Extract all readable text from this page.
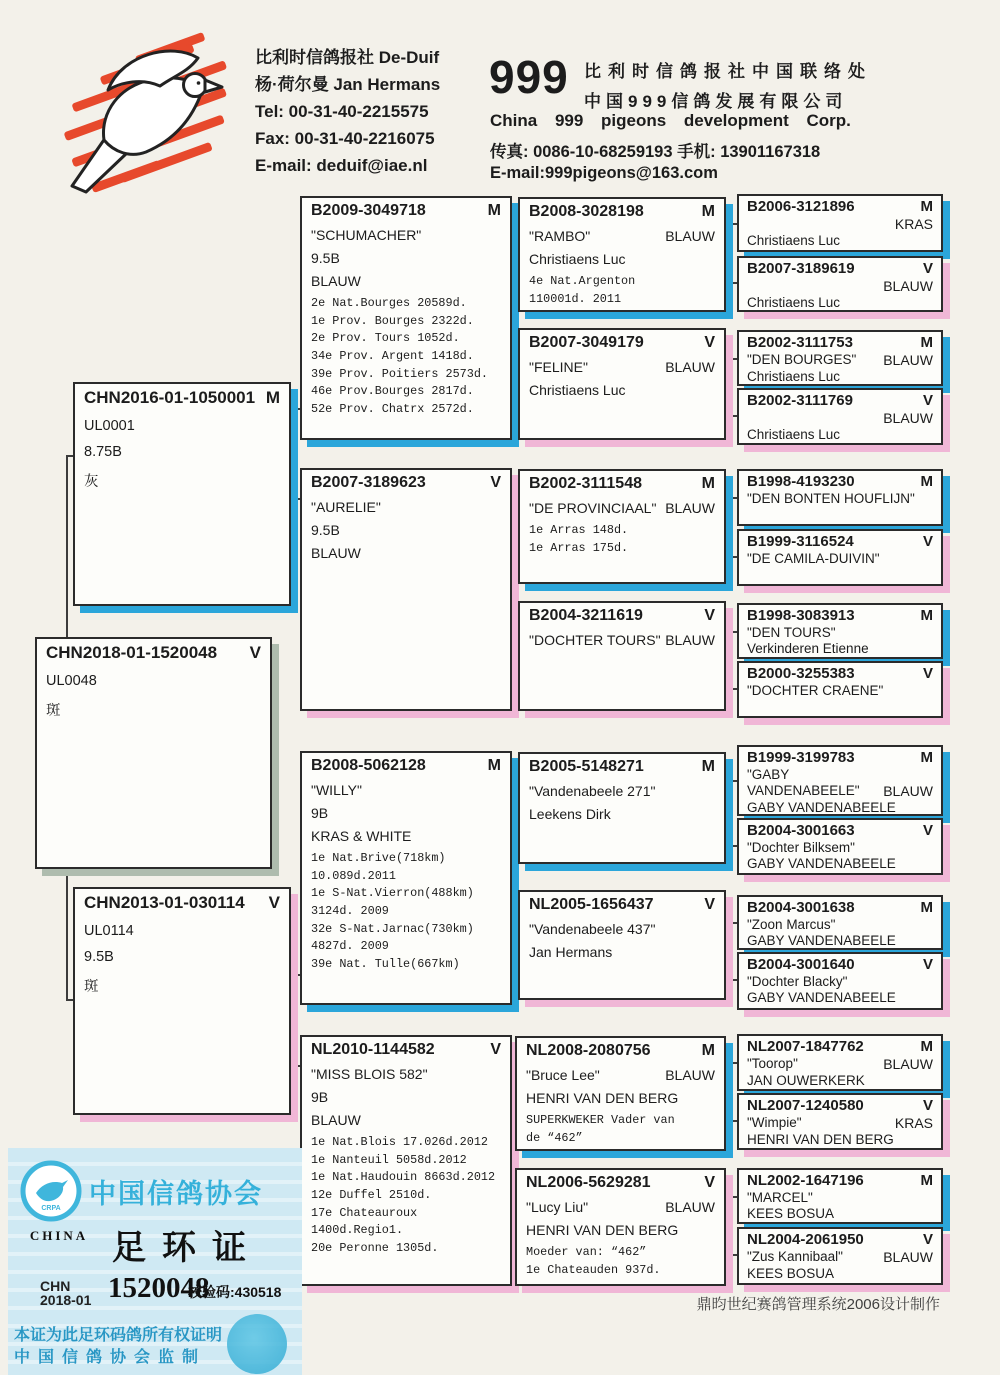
比利时信鸽报社 De-Duif
杨·荷尔曼 Jan Hermans
Tel: 00-31-40-2215575
Fax: 00-31-40-2216075
E-mail: deduif@iae.nl
999 比利时信鸽报社中国联络处
中国999信鸽发展有限公司
China 999 pigeons development Corp.
传真: 0086-10-68259193 手机: 13901167318
E-mail:999pigeons@163.com
CHN2018-01-1520048 V
UL0048
斑
CHN2016-01-1050001 M
UL0001
8.75B
灰
CHN2013-01-030114 V
UL0114
9.5B
斑
B2009-3049718	M
"SCHUMACHER"
9.5B
BLAUW
2e Nat.Bourges 20589d.
1e Prov. Bourges 2322d.
2e Prov. Tours 1052d.
34e Prov. Argent 1418d.
39e Prov. Poitiers 2573d.
46e Prov.Bourges 2817d.
52e Prov. Chatrx 2572d.
B2007-3189623	V
"AURELIE"
9.5B
BLAUW
B2008-5062128	M
"WILLY"
9B
KRAS & WHITE
1e Nat.Brive(718km)
10.089d.2011
1e S-Nat.Vierron(488km)
3124d. 2009
32e S-Nat.Jarnac(730km)
4827d. 2009
39e Nat. Tulle(667km)
NL2010-1144582	V
"MISS BLOIS 582"
9B
BLAUW
1e Nat.Blois 17.026d.2012
1e Nanteuil 5058d.2012
1e Nat.Haudouin 8663d.2012
12e Duffel 2510d.
17e Chateauroux
1400d.Regio1.
20e Peronne 1305d.
B2008-3028198	M
"RAMBO"	BLAUW
Christiaens Luc
4e Nat.Argenton
110001d. 2011
B2007-3049179	V
"FELINE"	BLAUW
Christiaens Luc
B2002-3111548	M
"DE PROVINCIAAL" BLAUW
1e Arras 148d.
1e Arras 175d.
B2004-3211619	V
"DOCHTER TOURS" BLAUW
B2005-5148271	M
"Vandenabeele 271"
Leekens Dirk
NL2005-1656437	V
"Vandenabeele 437"
Jan Hermans
NL2008-2080756	M
"Bruce Lee"	BLAUW
HENRI VAN DEN BERG
SUPERKWEKER Vader van
de “462”
NL2006-5629281	V
"Lucy Liu"	BLAUW
HENRI VAN DEN BERG
Moeder van: “462”
1e Chateauden 937d.
B2006-3121896	M

KRAS
Christiaens Luc
B2007-3189619	V

BLAUW
Christiaens Luc
B2002-3111753	M
"DEN BOURGES" BLAUW
Christiaens Luc
B2002-3111769	V

BLAUW
Christiaens Luc
B1998-4193230	M
"DEN BONTEN HOUFLIJN"
B1999-3116524	V
"DE CAMILA-DUIVIN"
B1998-3083913	M
"DEN TOURS"
Verkinderen Etienne
B2000-3255383	V
"DOCHTER CRAENE"
B1999-3199783	M
"GABY
VANDENABEELE" BLAUW
GABY VANDENABEELE
B2004-3001663	V
"Dochter Bilksem"
GABY VANDENABEELE
B2004-3001638	M
"Zoon Marcus"
GABY VANDENABEELE
B2004-3001640	V
"Dochter Blacky"
GABY VANDENABEELE
NL2007-1847762	M
"Toorop"	BLAUW
JAN OUWERKERK
NL2007-1240580	V
"Wimpie"	KRAS
HENRI VAN DEN BERG
NL2002-1647196	M
"MARCEL"
KEES BOSUA
NL2004-2061950	V
"Zus Kannibaal"	BLAUW
KEES BOSUA
CRPA 中国信鸽协会
CHINA 足环证
CHN
2018-01 1520048
校验码:430518
本证为此足环码鸽所有权证明
中国信鸽协会监制
鼎昀世纪赛鸽管理系统2006设计制作
